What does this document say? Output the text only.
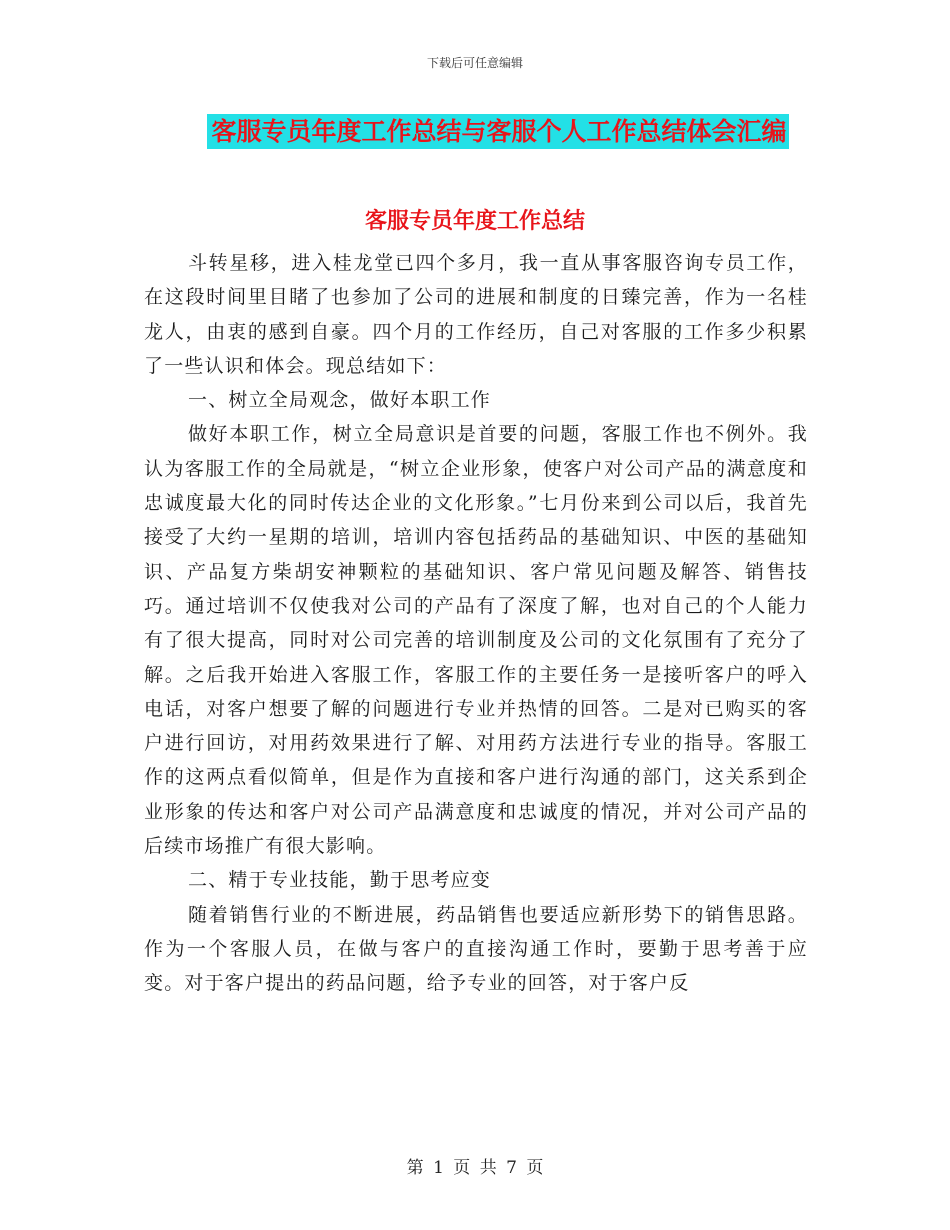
下载后可任意编辑
客服专员年度工作总结与客服个人工作总结体会汇编
客服专员年度工作总结

斗转星移，进入桂龙堂已四个多月，我一直从事客服咨询专员工作，在这段时间里目睹了也参加了公司的进展和制度的日臻完善，作为一名桂龙人，由衷的感到自豪。四个月的工作经历，自己对客服的工作多少积累了一些认识和体会。现总结如下：

一、树立全局观念，做好本职工作

做好本职工作，树立全局意识是首要的问题，客服工作也不例外。我认为客服工作的全局就是，“树立企业形象，使客户对公司产品的满意度和忠诚度最大化的同时传达企业的文化形象。”七月份来到公司以后，我首先接受了大约一星期的培训，培训内容包括药品的基础知识、中医的基础知识、产品复方柴胡安神颗粒的基础知识、客户常见问题及解答、销售技巧。通过培训不仅使我对公司的产品有了深度了解，也对自己的个人能力有了很大提高，同时对公司完善的培训制度及公司的文化氛围有了充分了解。之后我开始进入客服工作，客服工作的主要任务一是接听客户的呼入电话，对客户想要了解的问题进行专业并热情的回答。二是对已购买的客户进行回访，对用药效果进行了解、对用药方法进行专业的指导。客服工作的这两点看似简单，但是作为直接和客户进行沟通的部门，这关系到企业形象的传达和客户对公司产品满意度和忠诚度的情况，并对公司产品的后续市场推广有很大影响。

二、精于专业技能，勤于思考应变

随着销售行业的不断进展，药品销售也要适应新形势下的销售思路。作为一个客服人员，在做与客户的直接沟通工作时，要勤于思考善于应变。对于客户提出的药品问题，给予专业的回答，对于客户反

第 1 页 共 7 页
